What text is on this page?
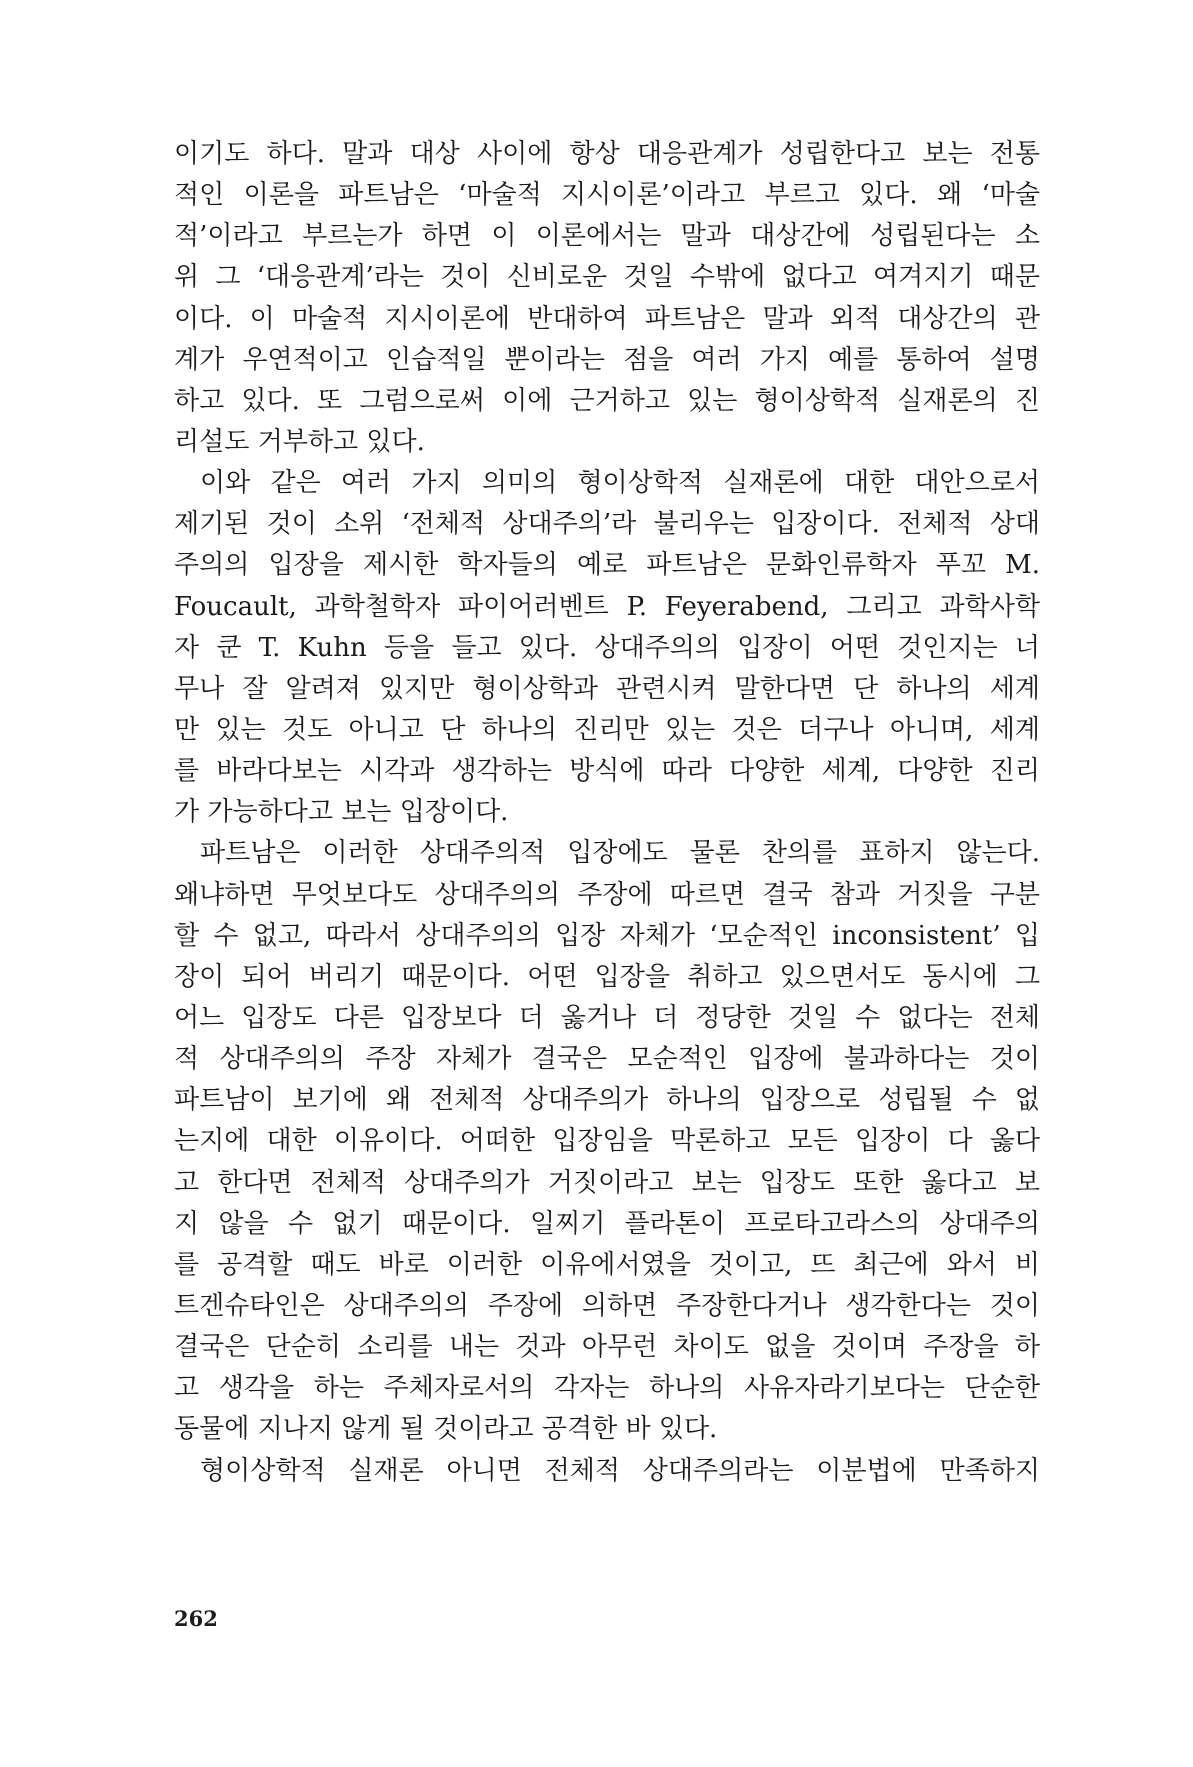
이기도 하다. 말과 대상 사이에 항상 대응관계가 성립한다고 보는 전통
적인 이론을 파트남은 ‘마술적 지시이론’이라고 부르고 있다. 왜 ‘마술
적’이라고 부르는가 하면 이 이론에서는 말과 대상간에 성립된다는 소
위 그 ‘대응관계’라는 것이 신비로운 것일 수밖에 없다고 여겨지기 때문
이다. 이 마술적 지시이론에 반대하여 파트남은 말과 외적 대상간의 관
계가 우연적이고 인습적일 뿐이라는 점을 여러 가지 예를 통하여 설명
하고 있다. 또 그럼으로써 이에 근거하고 있는 형이상학적 실재론의 진
리설도 거부하고 있다.
이와 같은 여러 가지 의미의 형이상학적 실재론에 대한 대안으로서
제기된 것이 소위 ‘전체적 상대주의’라 불리우는 입장이다. 전체적 상대
주의의 입장을 제시한 학자들의 예로 파트남은 문화인류학자 푸꼬 M.
Foucault, 과학철학자 파이어러벤트 P. Feyerabend, 그리고 과학사학
자 쿤 T. Kuhn 등을 들고 있다. 상대주의의 입장이 어떤 것인지는 너
무나 잘 알려져 있지만 형이상학과 관련시켜 말한다면 단 하나의 세계
만 있는 것도 아니고 단 하나의 진리만 있는 것은 더구나 아니며, 세계
를 바라다보는 시각과 생각하는 방식에 따라 다양한 세계, 다양한 진리
가 가능하다고 보는 입장이다.
파트남은 이러한 상대주의적 입장에도 물론 찬의를 표하지 않는다.
왜냐하면 무엇보다도 상대주의의 주장에 따르면 결국 참과 거짓을 구분
할 수 없고, 따라서 상대주의의 입장 자체가 ‘모순적인 inconsistent’ 입
장이 되어 버리기 때문이다. 어떤 입장을 취하고 있으면서도 동시에 그
어느 입장도 다른 입장보다 더 옳거나 더 정당한 것일 수 없다는 전체
적 상대주의의 주장 자체가 결국은 모순적인 입장에 불과하다는 것이
파트남이 보기에 왜 전체적 상대주의가 하나의 입장으로 성립될 수 없
는지에 대한 이유이다. 어떠한 입장임을 막론하고 모든 입장이 다 옳다
고 한다면 전체적 상대주의가 거짓이라고 보는 입장도 또한 옳다고 보
지 않을 수 없기 때문이다. 일찌기 플라톤이 프로타고라스의 상대주의
를 공격할 때도 바로 이러한 이유에서였을 것이고, 뜨 최근에 와서 비
트겐슈타인은 상대주의의 주장에 의하면 주장한다거나 생각한다는 것이
결국은 단순히 소리를 내는 것과 아무런 차이도 없을 것이며 주장을 하
고 생각을 하는 주체자로서의 각자는 하나의 사유자라기보다는 단순한
동물에 지나지 않게 될 것이라고 공격한 바 있다.
형이상학적 실재론 아니면 전체적 상대주의라는 이분법에 만족하지
262
